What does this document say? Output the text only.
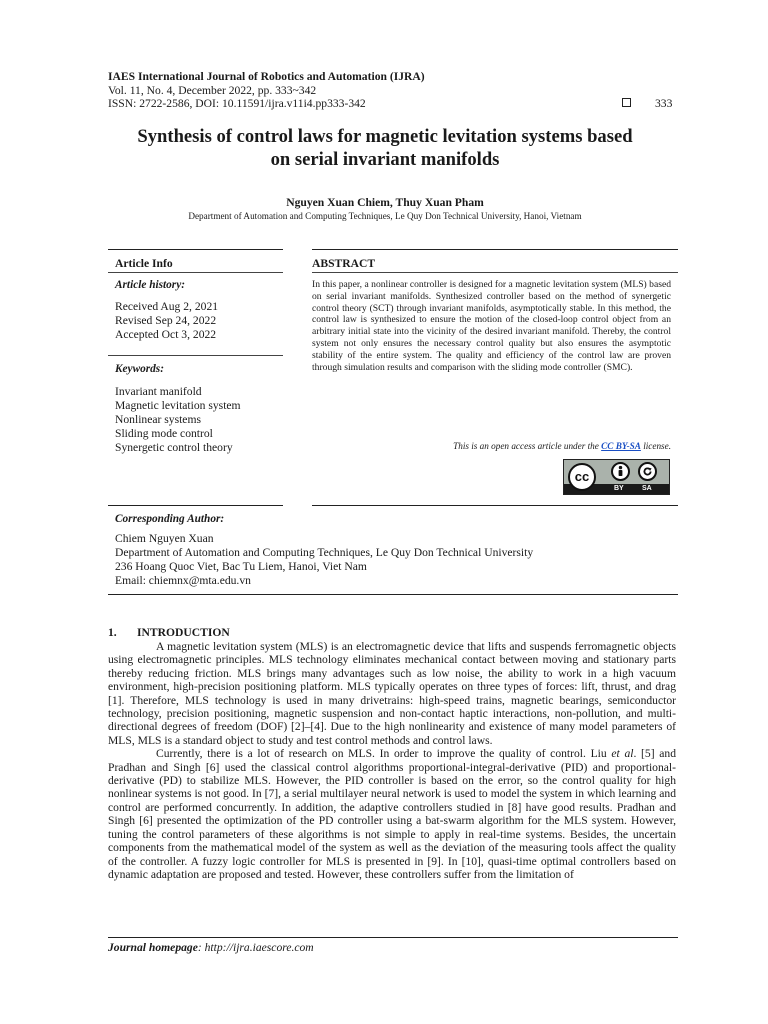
IAES International Journal of Robotics and Automation (IJRA)
Vol. 11, No. 4, December 2022, pp. 333~342
ISSN: 2722-2586, DOI: 10.11591/ijra.v11i4.pp333-342	333
Synthesis of control laws for magnetic levitation systems based
on serial invariant manifolds
Nguyen Xuan Chiem, Thuy Xuan Pham
Department of Automation and Computing Techniques, Le Quy Don Technical University, Hanoi, Vietnam
Article Info
Article history:
Received Aug 2, 2021
Revised Sep 24, 2022
Accepted Oct 3, 2022
Keywords:
Invariant manifold
Magnetic levitation system
Nonlinear systems
Sliding mode control
Synergetic control theory
ABSTRACT
In this paper, a nonlinear controller is designed for a magnetic levitation system (MLS) based on serial invariant manifolds. Synthesized controller based on the method of synergetic control theory (SCT) through invariant manifolds, asymptotically stable. In this method, the control law is synthesized to ensure the motion of the closed-loop control object from an arbitrary initial state into the vicinity of the desired invariant manifold. Thereby, the control system not only ensures the necessary control quality but also ensures the asymptotic stability of the entire system. The quality and efficiency of the control law are proven through simulation results and comparison with the sliding mode controller (SMC).
This is an open access article under the CC BY-SA license.
cc
BY	SA
Corresponding Author:
Chiem Nguyen Xuan
Department of Automation and Computing Techniques, Le Quy Don Technical University
236 Hoang Quoc Viet, Bac Tu Liem, Hanoi, Viet Nam
Email: chiemnx@mta.edu.vn
1.       INTRODUCTION

A magnetic levitation system (MLS) is an electromagnetic device that lifts and suspends ferromagnetic objects using electromagnetic principles. MLS technology eliminates mechanical contact between moving and stationary parts thereby reducing friction. MLS brings many advantages such as low noise, the ability to work in a high vacuum environment, high-precision positioning platform. MLS typically operates on three types of forces: lift, thrust, and drag [1]. Therefore, MLS technology is used in many drivetrains: high-speed trains, magnetic bearings, semiconductor technology, precision positioning, magnetic suspension and non-contact haptic interactions, non-pollution, and multi-directional degrees of freedom (DOF) [2]–[4]. Due to the high nonlinearity and existence of many model parameters of MLS, MLS is a standard object to study and test control methods and control laws.

Currently, there is a lot of research on MLS. In order to improve the quality of control. Liu et al. [5] and Pradhan and Singh [6] used the classical control algorithms proportional-integral-derivative (PID) and proportional-derivative (PD) to stabilize MLS. However, the PID controller is based on the error, so the control quality for high nonlinear systems is not good. In [7], a serial multilayer neural network is used to model the system in which learning and control are performed concurrently. In addition, the adaptive controllers studied in [8] have good results. Pradhan and Singh [6] presented the optimization of the PD controller using a bat-swarm algorithm for the MLS system. However, tuning the control parameters of these algorithms is not simple to apply in real-time systems. Besides, the uncertain components from the mathematical model of the system as well as the deviation of the measuring tools affect the quality of the controller. A fuzzy logic controller for MLS is presented in [9]. In [10], quasi-time optimal controllers based on dynamic adaptation are proposed and tested. However, these controllers suffer from the limitation of

Journal homepage: http://ijra.iaescore.com
